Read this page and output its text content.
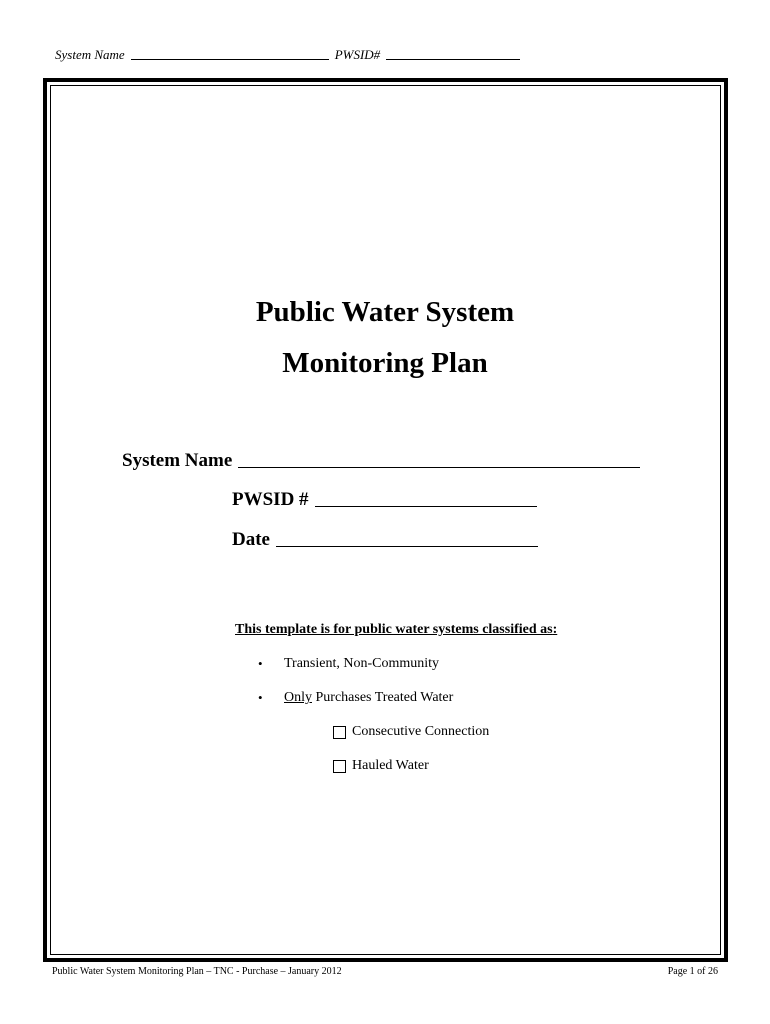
System Name	PWSID#
Public Water System
Monitoring Plan
System Name
PWSID #
Date
This template is for public water systems classified as:
•	Transient, Non-Community
•	Only Purchases Treated Water
Consecutive Connection
Hauled Water
Public Water System Monitoring Plan – TNC - Purchase – January 2012	Page 1 of 26
